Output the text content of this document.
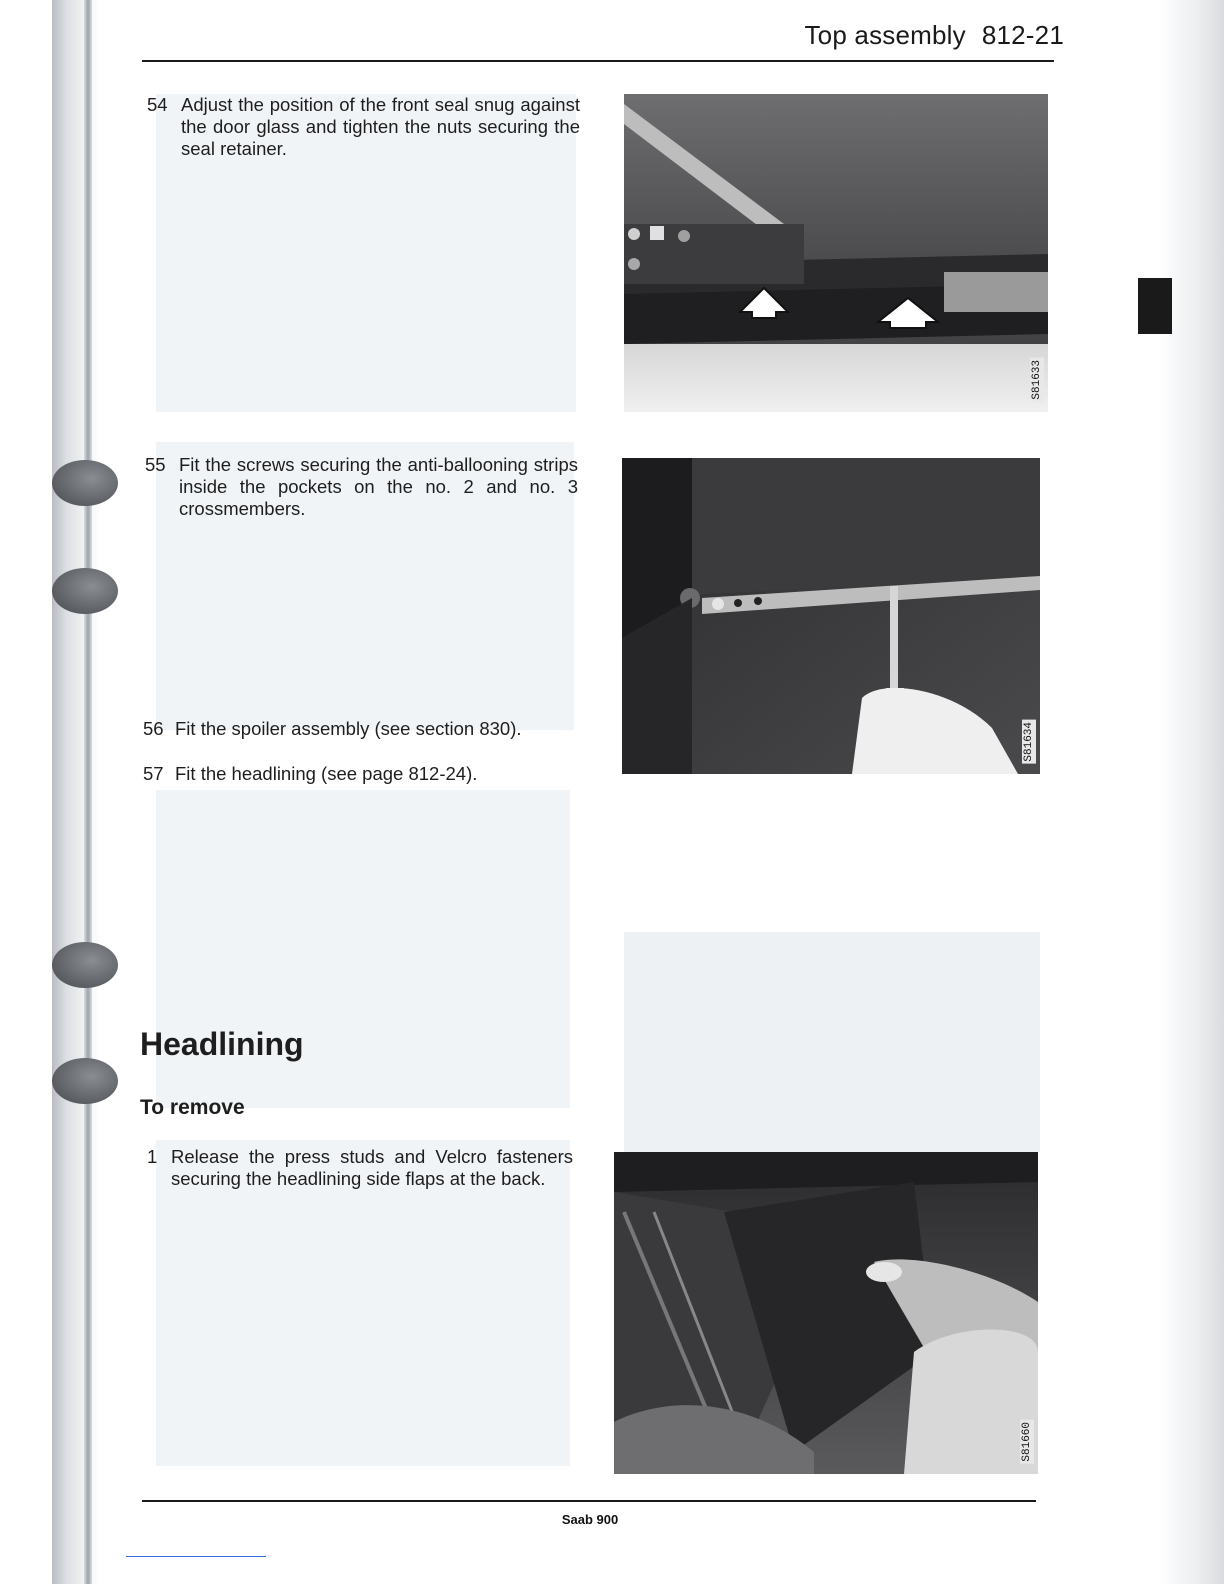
Top assembly 812-21
54 Adjust the position of the front seal snug against the door glass and tighten the nuts securing the seal retainer.
55 Fit the screws securing the anti-ballooning strips inside the pockets on the no. 2 and no. 3 crossmembers.
56 Fit the spoiler assembly (see section 830).
57 Fit the headlining (see page 812-24).
Headlining
To remove
1 Release the press studs and Velcro fasteners securing the headlining side flaps at the back.
S81633
S81634
S81660
Saab 900
